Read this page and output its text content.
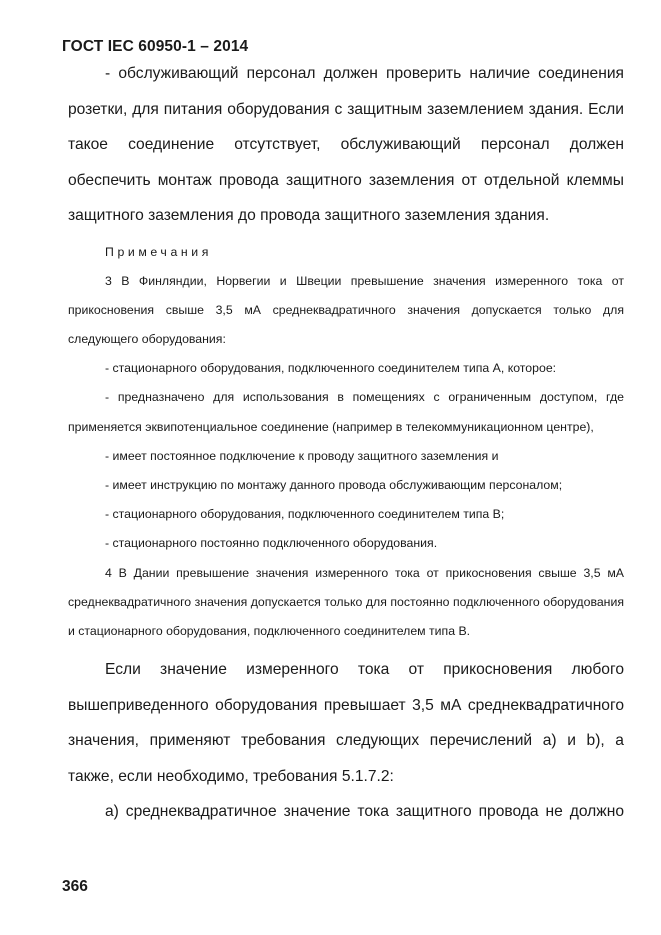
ГОСТ IEC 60950-1 – 2014

- обслуживающий персонал должен проверить наличие соединения розетки, для питания оборудования с защитным заземлением здания. Если такое соединение отсутствует, обслуживающий персонал должен обеспечить монтаж провода защитного заземления от отдельной клеммы защитного заземления до провода защитного заземления здания.

Примечания

3 В Финляндии, Норвегии и Швеции превышение значения измеренного тока от прикосновения свыше 3,5 мА среднеквадратичного значения допускается только для следующего оборудования:

- стационарного оборудования, подключенного соединителем типа А, которое:

- предназначено для использования в помещениях с ограниченным доступом, где применяется эквипотенциальное соединение (например в телекоммуникационном центре),

- имеет постоянное подключение к проводу защитного заземления и

- имеет инструкцию по монтажу данного провода обслуживающим персоналом;

- стационарного оборудования, подключенного соединителем типа В;

- стационарного постоянно подключенного оборудования.

4 В Дании превышение значения измеренного тока от прикосновения свыше 3,5 мА среднеквадратичного значения допускается только для постоянно подключенного оборудования и стационарного оборудования, подключенного соединителем типа В.

Если значение измеренного тока от прикосновения любого вышеприведенного оборудования превышает 3,5 мА среднеквадратичного значения, применяют требования следующих перечислений а) и b), а также, если необходимо, требования 5.1.7.2:

а) среднеквадратичное значение тока защитного провода не должно

366
